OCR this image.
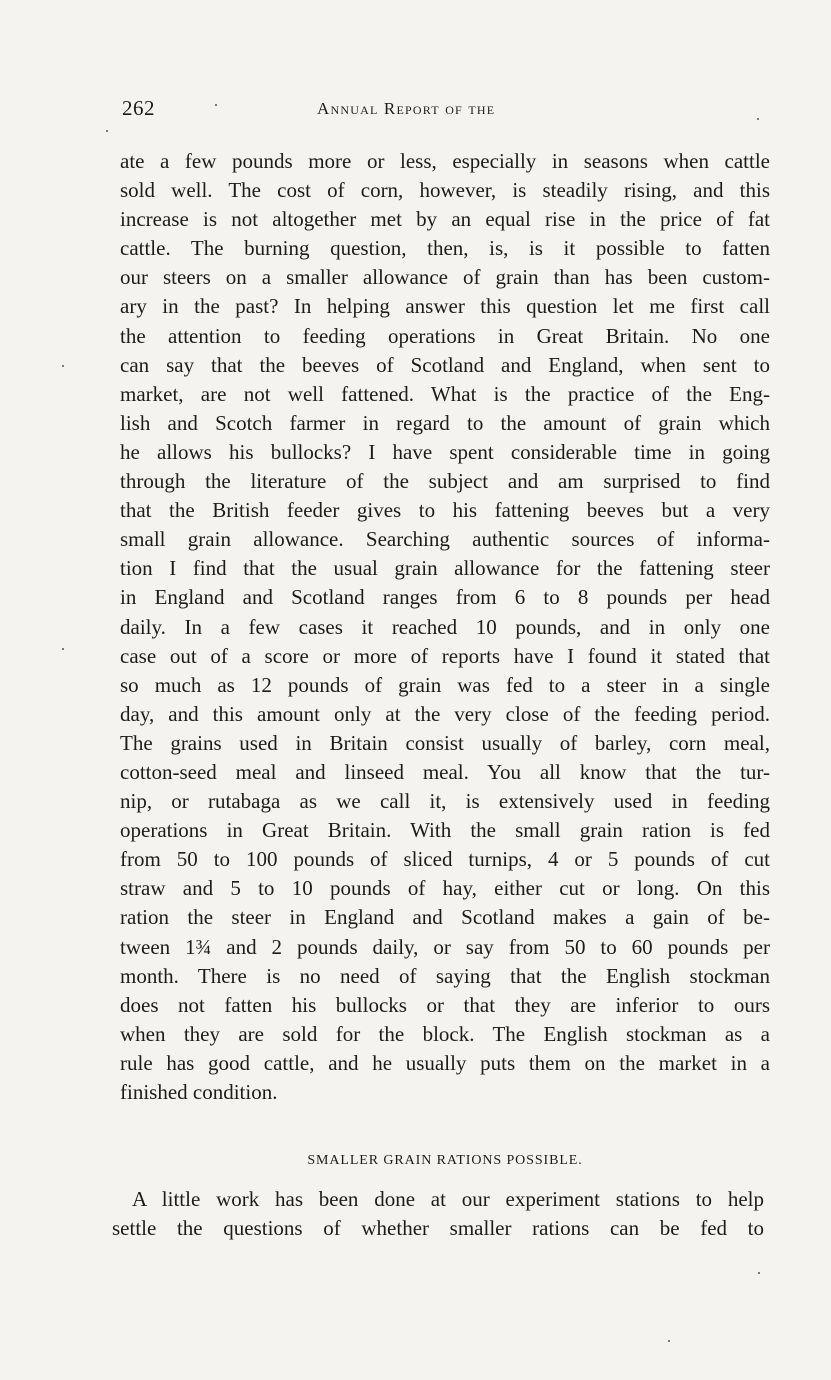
262	Annual Report of the
ate a few pounds more or less, especially in seasons when cattle
sold well. The cost of corn, however, is steadily rising, and this
increase is not altogether met by an equal rise in the price of fat
cattle. The burning question, then, is, is it possible to fatten
our steers on a smaller allowance of grain than has been custom-
ary in the past? In helping answer this question let me first call
the attention to feeding operations in Great Britain. No one
can say that the beeves of Scotland and England, when sent to
market, are not well fattened. What is the practice of the Eng-
lish and Scotch farmer in regard to the amount of grain which
he allows his bullocks? I have spent considerable time in going
through the literature of the subject and am surprised to find
that the British feeder gives to his fattening beeves but a very
small grain allowance. Searching authentic sources of informa-
tion I find that the usual grain allowance for the fattening steer
in England and Scotland ranges from 6 to 8 pounds per head
daily. In a few cases it reached 10 pounds, and in only one
case out of a score or more of reports have I found it stated that
so much as 12 pounds of grain was fed to a steer in a single
day, and this amount only at the very close of the feeding period.
The grains used in Britain consist usually of barley, corn meal,
cotton-seed meal and linseed meal. You all know that the tur-
nip, or rutabaga as we call it, is extensively used in feeding
operations in Great Britain. With the small grain ration is fed
from 50 to 100 pounds of sliced turnips, 4 or 5 pounds of cut
straw and 5 to 10 pounds of hay, either cut or long. On this
ration the steer in England and Scotland makes a gain of be-
tween 1¾ and 2 pounds daily, or say from 50 to 60 pounds per
month. There is no need of saying that the English stockman
does not fatten his bullocks or that they are inferior to ours
when they are sold for the block. The English stockman as a
rule has good cattle, and he usually puts them on the market in a
finished condition.
SMALLER GRAIN RATIONS POSSIBLE.
A little work has been done at our experiment stations to help
settle the questions of whether smaller rations can be fed to
